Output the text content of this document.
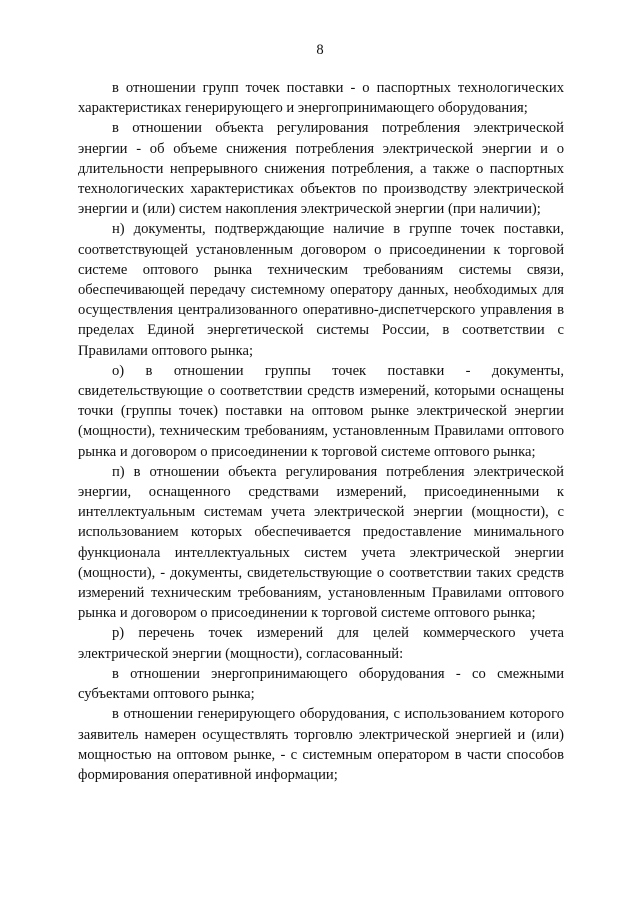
8

в отношении групп точек поставки - о паспортных технологических характеристиках генерирующего и энергопринимающего оборудования;

в отношении объекта регулирования потребления электрической энергии - об объеме снижения потребления электрической энергии и о длительности непрерывного снижения потребления, а также о паспортных технологических характеристиках объектов по производству электрической энергии и (или) систем накопления электрической энергии (при наличии);

н) документы, подтверждающие наличие в группе точек поставки, соответствующей установленным договором о присоединении к торговой системе оптового рынка техническим требованиям системы связи, обеспечивающей передачу системному оператору данных, необходимых для осуществления централизованного оперативно-диспетчерского управления в пределах Единой энергетической системы России, в соответствии с Правилами оптового рынка;

о) в отношении группы точек поставки - документы, свидетельствующие о соответствии средств измерений, которыми оснащены точки (группы точек) поставки на оптовом рынке электрической энергии (мощности), техническим требованиям, установленным Правилами оптового рынка и договором о присоединении к торговой системе оптового рынка;

п) в отношении объекта регулирования потребления электрической энергии, оснащенного средствами измерений, присоединенными к интеллектуальным системам учета электрической энергии (мощности), с использованием которых обеспечивается предоставление минимального функционала интеллектуальных систем учета электрической энергии (мощности), - документы, свидетельствующие о соответствии таких средств измерений техническим требованиям, установленным Правилами оптового рынка и договором о присоединении к торговой системе оптового рынка;

р) перечень точек измерений для целей коммерческого учета электрической энергии (мощности), согласованный:

в отношении энергопринимающего оборудования - со смежными субъектами оптового рынка;

в отношении генерирующего оборудования, с использованием которого заявитель намерен осуществлять торговлю электрической энергией и (или) мощностью на оптовом рынке, - с системным оператором в части способов формирования оперативной информации;
